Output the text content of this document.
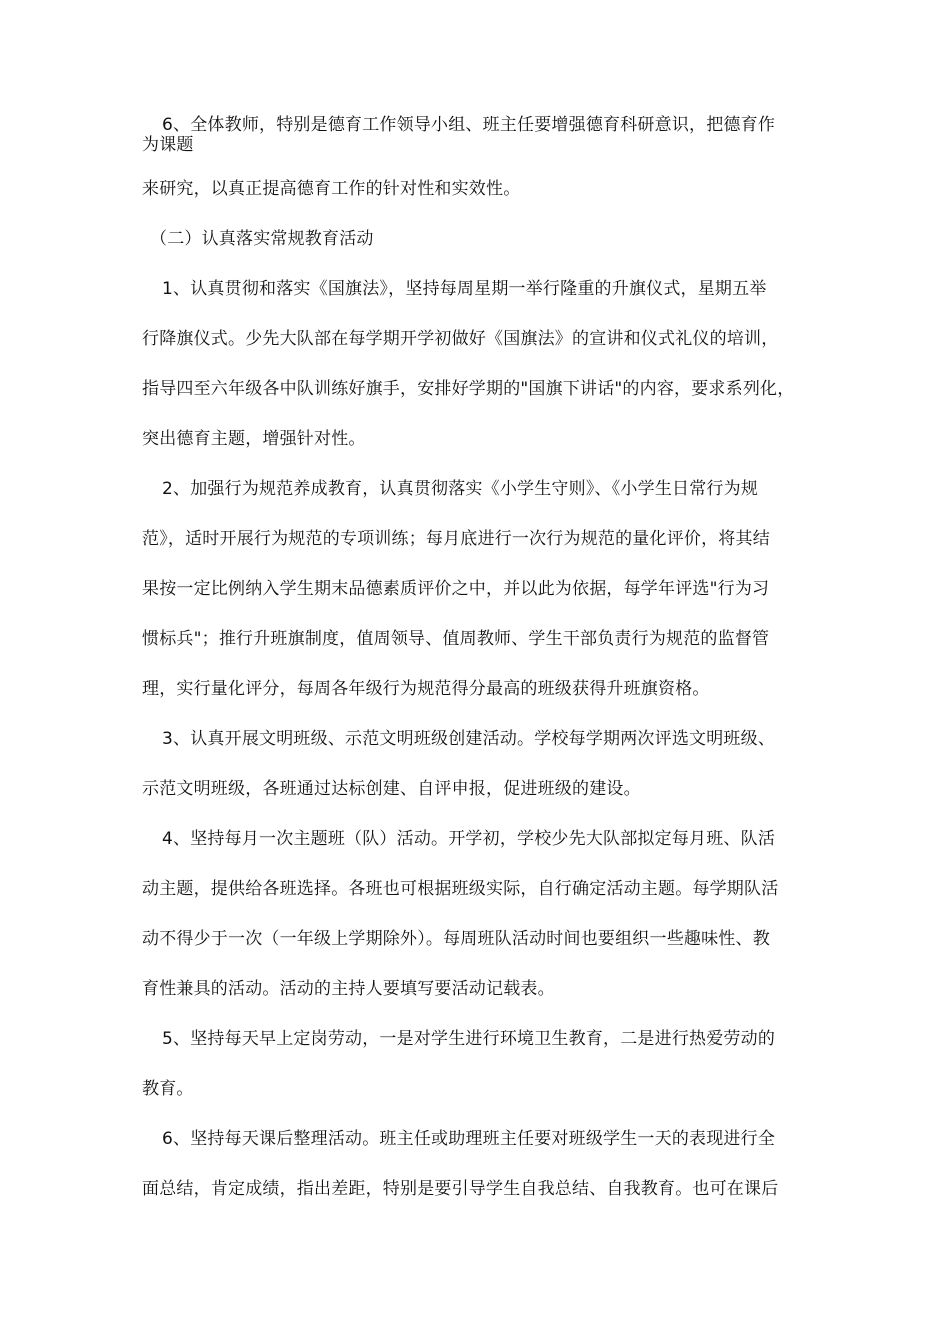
6、全体教师，特别是德育工作领导小组、班主任要增强德育科研意识，把德育作
为课题
来研究，以真正提高德育工作的针对性和实效性。
（二）认真落实常规教育活动
1、认真贯彻和落实《国旗法》，坚持每周星期一举行隆重的升旗仪式，星期五举
行降旗仪式。少先大队部在每学期开学初做好《国旗法》的宣讲和仪式礼仪的培训，
指导四至六年级各中队训练好旗手，安排好学期的"国旗下讲话"的内容，要求系列化，
突出德育主题，增强针对性。
2、加强行为规范养成教育，认真贯彻落实《小学生守则》、《小学生日常行为规
范》，适时开展行为规范的专项训练；每月底进行一次行为规范的量化评价，将其结
果按一定比例纳入学生期末品德素质评价之中，并以此为依据，每学年评选"行为习
惯标兵"；推行升班旗制度，值周领导、值周教师、学生干部负责行为规范的监督管
理，实行量化评分，每周各年级行为规范得分最高的班级获得升班旗资格。
3、认真开展文明班级、示范文明班级创建活动。学校每学期两次评选文明班级、
示范文明班级，各班通过达标创建、自评申报，促进班级的建设。
4、坚持每月一次主题班（队）活动。开学初，学校少先大队部拟定每月班、队活
动主题，提供给各班选择。各班也可根据班级实际，自行确定活动主题。每学期队活
动不得少于一次（一年级上学期除外）。每周班队活动时间也要组织一些趣味性、教
育性兼具的活动。活动的主持人要填写要活动记载表。
5、坚持每天早上定岗劳动，一是对学生进行环境卫生教育，二是进行热爱劳动的
教育。
6、坚持每天课后整理活动。班主任或助理班主任要对班级学生一天的表现进行全
面总结，肯定成绩，指出差距，特别是要引导学生自我总结、自我教育。也可在课后
